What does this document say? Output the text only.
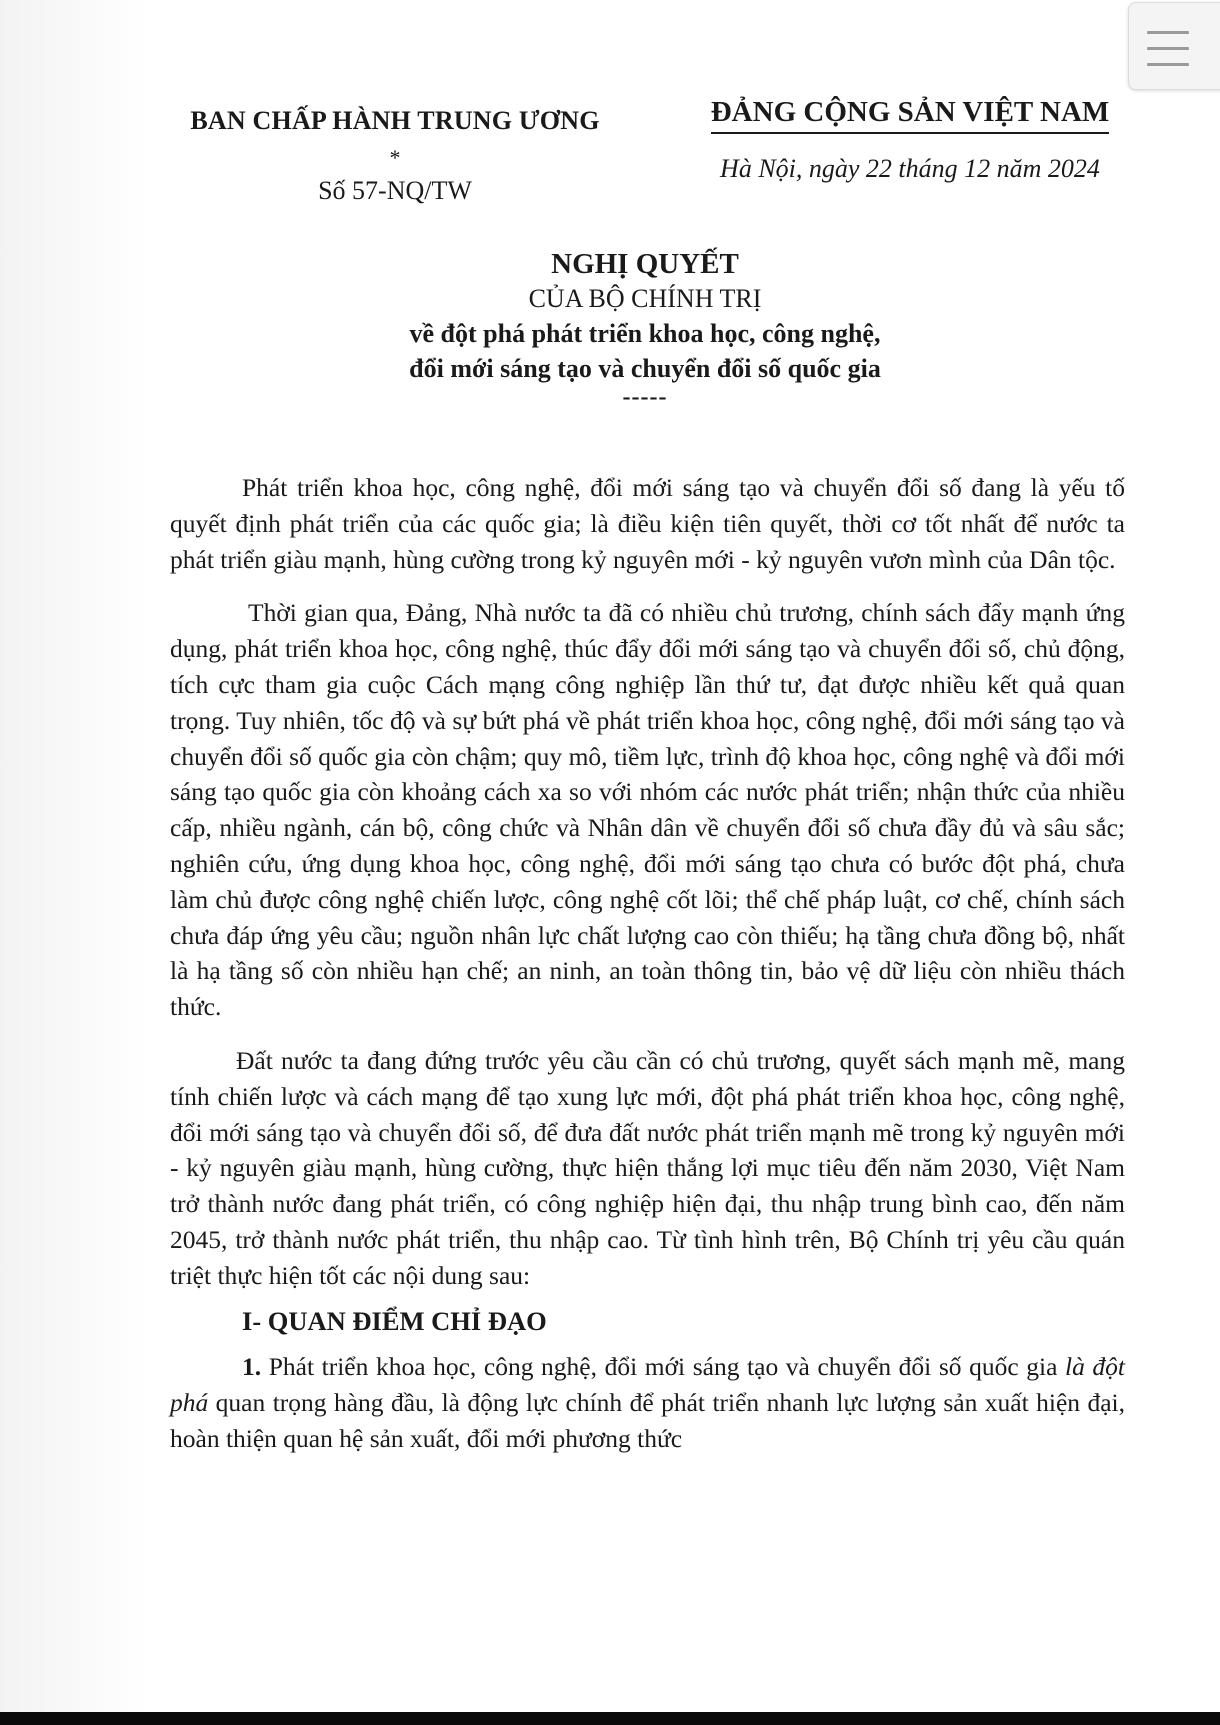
BAN CHẤP HÀNH TRUNG ƯƠNG
*
Số 57-NQ/TW
ĐẢNG CỘNG SẢN VIỆT NAM
Hà Nội, ngày 22 tháng 12 năm 2024
NGHỊ QUYẾT
CỦA BỘ CHÍNH TRỊ
về đột phá phát triển khoa học, công nghệ,
đổi mới sáng tạo và chuyển đổi số quốc gia
-----

Phát triển khoa học, công nghệ, đổi mới sáng tạo và chuyển đổi số đang là yếu tố quyết định phát triển của các quốc gia; là điều kiện tiên quyết, thời cơ tốt nhất để nước ta phát triển giàu mạnh, hùng cường trong kỷ nguyên mới - kỷ nguyên vươn mình của Dân tộc.

Thời gian qua, Đảng, Nhà nước ta đã có nhiều chủ trương, chính sách đẩy mạnh ứng dụng, phát triển khoa học, công nghệ, thúc đẩy đổi mới sáng tạo và chuyển đổi số, chủ động, tích cực tham gia cuộc Cách mạng công nghiệp lần thứ tư, đạt được nhiều kết quả quan trọng. Tuy nhiên, tốc độ và sự bứt phá về phát triển khoa học, công nghệ, đổi mới sáng tạo và chuyển đổi số quốc gia còn chậm; quy mô, tiềm lực, trình độ khoa học, công nghệ và đổi mới sáng tạo quốc gia còn khoảng cách xa so với nhóm các nước phát triển; nhận thức của nhiều cấp, nhiều ngành, cán bộ, công chức và Nhân dân về chuyển đổi số chưa đầy đủ và sâu sắc; nghiên cứu, ứng dụng khoa học, công nghệ, đổi mới sáng tạo chưa có bước đột phá, chưa làm chủ được công nghệ chiến lược, công nghệ cốt lõi; thể chế pháp luật, cơ chế, chính sách chưa đáp ứng yêu cầu; nguồn nhân lực chất lượng cao còn thiếu; hạ tầng chưa đồng bộ, nhất là hạ tầng số còn nhiều hạn chế; an ninh, an toàn thông tin, bảo vệ dữ liệu còn nhiều thách thức.

Đất nước ta đang đứng trước yêu cầu cần có chủ trương, quyết sách mạnh mẽ, mang tính chiến lược và cách mạng để tạo xung lực mới, đột phá phát triển khoa học, công nghệ, đổi mới sáng tạo và chuyển đổi số, để đưa đất nước phát triển mạnh mẽ trong kỷ nguyên mới - kỷ nguyên giàu mạnh, hùng cường, thực hiện thắng lợi mục tiêu đến năm 2030, Việt Nam trở thành nước đang phát triển, có công nghiệp hiện đại, thu nhập trung bình cao, đến năm 2045, trở thành nước phát triển, thu nhập cao. Từ tình hình trên, Bộ Chính trị yêu cầu quán triệt thực hiện tốt các nội dung sau:

I- QUAN ĐIỂM CHỈ ĐẠO

1. Phát triển khoa học, công nghệ, đổi mới sáng tạo và chuyển đổi số quốc gia là đột phá quan trọng hàng đầu, là động lực chính để phát triển nhanh lực lượng sản xuất hiện đại, hoàn thiện quan hệ sản xuất, đổi mới phương thức
